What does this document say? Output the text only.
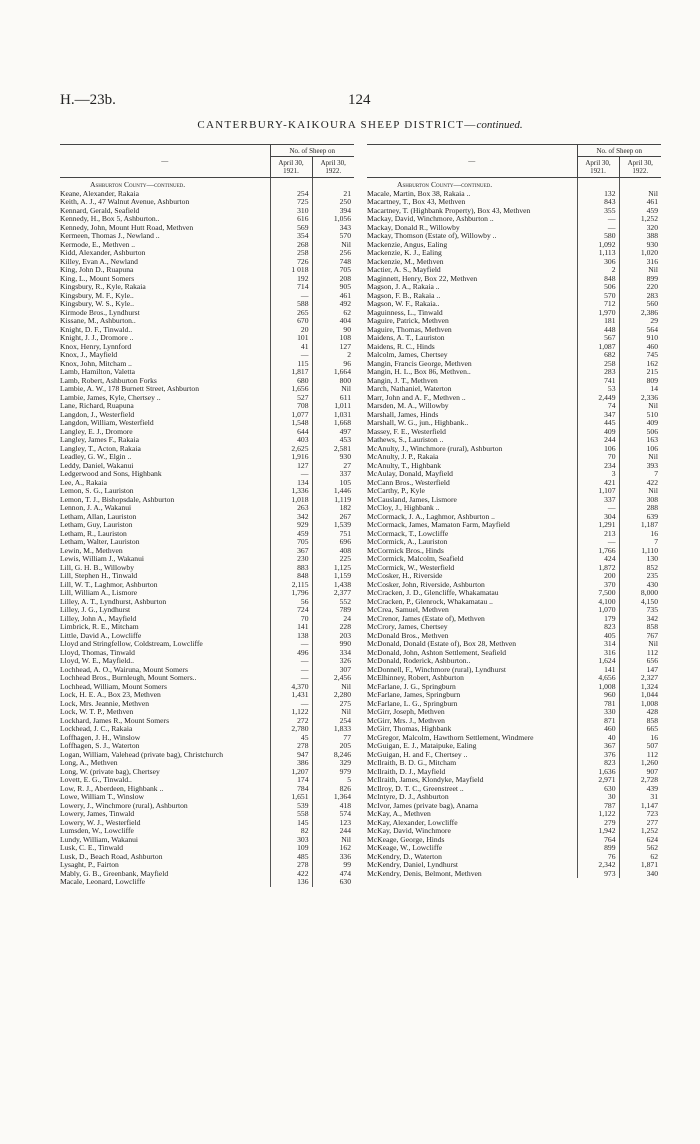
H.—23b.	124
CANTERBURY-KAIKOURA SHEEP DISTRICT—continued.
—	No. of Sheep on	
	April 30, 1921.	April 30, 1922.
Ashburton County—continued.		
Keane, Alexander, Rakaia	254	21
Keith, A. J., 47 Walnut Avenue, Ashburton	725	250
Kennard, Gerald, Seafield	310	394
Kennedy, H., Box 5, Ashburton..	616	1,056
Kennedy, John, Mount Hutt Road, Methven	569	343
Kermeen, Thomas J., Newland ..	354	570
Kermode, E., Methven ..	268	Nil
Kidd, Alexander, Ashburton	258	256
Killey, Evan A., Newland	726	748
King, John D., Ruapuna	1 018	705
King, L., Mount Somers	192	208
Kingsbury, R., Kyle, Rakaia	714	905
Kingsbury, M. F., Kyle..	—	461
Kingsbury, W. S., Kyle..	588	492
Kirmode Bros., Lyndhurst	265	62
Kissane, M., Ashburton..	670	404
Knight, D. F., Tinwald..	20	90
Knight, J. J., Dromore ..	101	108
Knox, Henry, Lynnford	41	127
Knox, J., Mayfield	—	2
Knox, John, Mitcham ..	115	96
Lamb, Hamilton, Valetta	1,817	1,664
Lamb, Robert, Ashburton Forks	680	800
Lambie, A. W., 178 Burnett Street, Ashburton	1,656	Nil
Lambie, James, Kyle, Chertsey ..	527	611
Lane, Richard, Ruapuna	708	1,011
Langdon, J., Westerfield	1,077	1,031
Langdon, William, Westerfield	1,548	1,668
Langley, E. J., Dromore	644	497
Langley, James F., Rakaia	403	453
Langley, T., Acton, Rakaia	2,625	2,581
Leadley, G. W., Elgin ..	1,916	930
Leddy, Daniel, Wakanui	127	27
Ledgerwood and Sons, Highbank	—	337
Lee, A., Rakaia	134	105
Lemon, S. G., Lauriston	1,336	1,446
Lemon, T. J., Bishopsdale, Ashburton	1,018	1,119
Lennon, J. A., Wakanui	263	182
Letham, Allan, Lauriston	342	267
Letham, Guy, Lauriston	929	1,539
Letham, R., Lauriston	459	751
Letham, Walter, Lauriston	705	696
Lewin, M., Methven	367	408
Lewis, William J., Wakanui	230	225
Lill, G. H. B., Willowby	883	1,125
Lill, Stephen H., Tinwald	848	1,159
Lill, W. T., Laghmor, Ashburton	2,115	1,438
Lill, William A., Lismore	1,796	2,377
Lilley, A. T., Lyndhurst, Ashburton	56	552
Lilley, J. G., Lyndhurst	724	789
Lilley, John A., Mayfield	70	24
Limbrick, R. E., Mitcham	141	228
Little, David A., Lowcliffe	138	203
Lloyd and Stringfellow, Coldstream, Lowcliffe	—	990
Lloyd, Thomas, Tinwald	496	334
Lloyd, W. E., Mayfield..	—	326
Lochhead, A. O., Wairuna, Mount Somers	—	307
Lochhead Bros., Burnleugh, Mount Somers..	—	2,456
Lochhead, William, Mount Somers	4,370	Nil
Lock, H. E. A., Box 23, Methven	1,431	2,280
Lock, Mrs. Jeannie, Methven	—	275
Lock, W. T. P., Methven	1,122	Nil
Lockhard, James R., Mount Somers	272	254
Lockhead, J. C., Rakaia	2,780	1,833
Loffhagen, J. H., Winslow	45	77
Loffhagen, S. J., Waterton	278	205
Logan, William, Valehead (private bag), Christchurch	947	8,246
Long, A., Methven	386	329
Long, W. (private bag), Chertsey	1,207	979
Lovett, E. G., Tinwald..	174	5
Low, R. J., Aberdeen, Highbank ..	784	826
Lowe, William T., Winslow	1,651	1,364
Lowery, J., Winchmore (rural), Ashburton	539	418
Lowery, James, Tinwald	558	574
Lowery, W. J., Westerfield	145	123
Lumsden, W., Lowcliffe	82	244
Lundy, William, Wakanui	303	Nil
Lusk, C. E., Tinwald	109	162
Lusk, D., Beach Road, Ashburton	485	336
Lysaght, P., Fairton	278	99
Mably, G. B., Greenbank, Mayfield	422	474
Macale, Leonard, Lowcliffe	136	630
—	No. of Sheep on	
	April 30, 1921.	April 30, 1922.
Ashburton County—continued.		
Macale, Martin, Box 38, Rakaia ..	132	Nil
Macartney, T., Box 43, Methven	843	461
Macartney, T. (Highbank Property), Box 43, Methven	355	459
Mackay, David, Winchmore, Ashburton ..	—	1,252
Mackay, Donald R., Willowby	—	320
Mackay, Thomson (Estate of), Willowby ..	580	388
Mackenzie, Angus, Ealing	1,092	930
Mackenzie, K. J., Ealing	1,113	1,020
Mackenzie, M., Methven	306	316
Mactier, A. S., Mayfield	2	Nil
Maginnett, Henry, Box 22, Methven	848	899
Magson, J. A., Rakaia ..	506	220
Magson, F. B., Rakaia ..	570	283
Magson, W. F., Rakaia..	712	560
Maguinness, L., Tinwald	1,970	2,386
Maguire, Patrick, Methven	181	29
Maguire, Thomas, Methven	448	564
Maidens, A. T., Lauriston	567	910
Maidens, R. C., Hinds	1,087	460
Malcolm, James, Chertsey	682	745
Mangin, Francis George, Methven	258	162
Mangin, H. L., Box 86, Methven..	283	215
Mangin, J. T., Methven	741	809
March, Nathaniel, Waterton	53	14
Marr, John and A. F., Methven ..	2,449	2,336
Marsden, M. A., Willowby	74	Nil
Marshall, James, Hinds	347	510
Marshall, W. G., jun., Highbank..	445	409
Massey, F. E., Westerfield	409	506
Mathews, S., Lauriston ..	244	163
McAnulty, J., Winchmore (rural), Ashburton	106	106
McAnulty, J. P., Rakaia	70	Nil
McAnulty, T., Highbank	234	393
McAulay, Donald, Mayfield	3	7
McCann Bros., Westerfield	421	422
McCarthy, P., Kyle	1,107	Nil
McCausland, James, Lismore	337	308
McCloy, J., Highbank ..	—	288
McCormack, J. A., Laghmor, Ashburton ..	304	639
McCormack, James, Mamaton Farm, Mayfield	1,291	1,187
McCormack, T., Lowcliffe	213	16
McCormick, A., Lauriston	—	7
McCormick Bros., Hinds	1,766	1,110
McCormick, Malcolm, Seafield	424	130
McCormick, W., Westerfield	1,872	852
McCosker, H., Riverside	200	235
McCosker, John, Riverside, Ashburton	370	430
McCracken, J. D., Glencliffe, Whakamatau	7,500	8,000
McCracken, P., Glenrock, Whakamatau ..	4,100	4,150
McCrea, Samuel, Methven	1,070	735
McCrenor, James (Estate of), Methven	179	342
McCrory, James, Chertsey	823	858
McDonald Bros., Methven	405	767
McDonald, Donald (Estate of), Box 28, Methven	314	Nil
McDonald, John, Ashton Settlement, Seafield	316	112
McDonald, Roderick, Ashburton..	1,624	656
McDonnell, F., Winchmore (rural), Lyndhurst	141	147
McElhinney, Robert, Ashburton	4,656	2,327
McFarlane, J. G., Springburn	1,008	1,324
McFarlane, James, Springburn	960	1,044
McFarlane, L. G., Springburn	781	1,008
McGirr, Joseph, Methven	330	428
McGirr, Mrs. J., Methven	871	858
McGirr, Thomas, Highbank	460	665
McGregor, Malcolm, Hawthorn Settlement, Windmere	40	16
McGuigan, E. J., Mataipuke, Ealing	367	507
McGuigan, H. and F., Chertsey ..	376	112
McIlraith, B. D. G., Mitcham	823	1,260
McIlraith, D. J., Mayfield	1,636	907
McIlraith, James, Klondyke, Mayfield	2,971	2,728
McIlroy, D. T. C., Greenstreet ..	630	439
McIntyre, D. J., Ashburton	30	31
McIvor, James (private bag), Anama	787	1,147
McKay, A., Methven	1,122	723
McKay, Alexander, Lowcliffe	279	277
McKay, David, Winchmore	1,942	1,252
McKeage, George, Hinds	764	624
McKeage, W., Lowcliffe	899	562
McKendry, D., Waterton	76	62
McKendry, Daniel, Lyndhurst	2,342	1,871
McKendry, Denis, Belmont, Methven	973	340
